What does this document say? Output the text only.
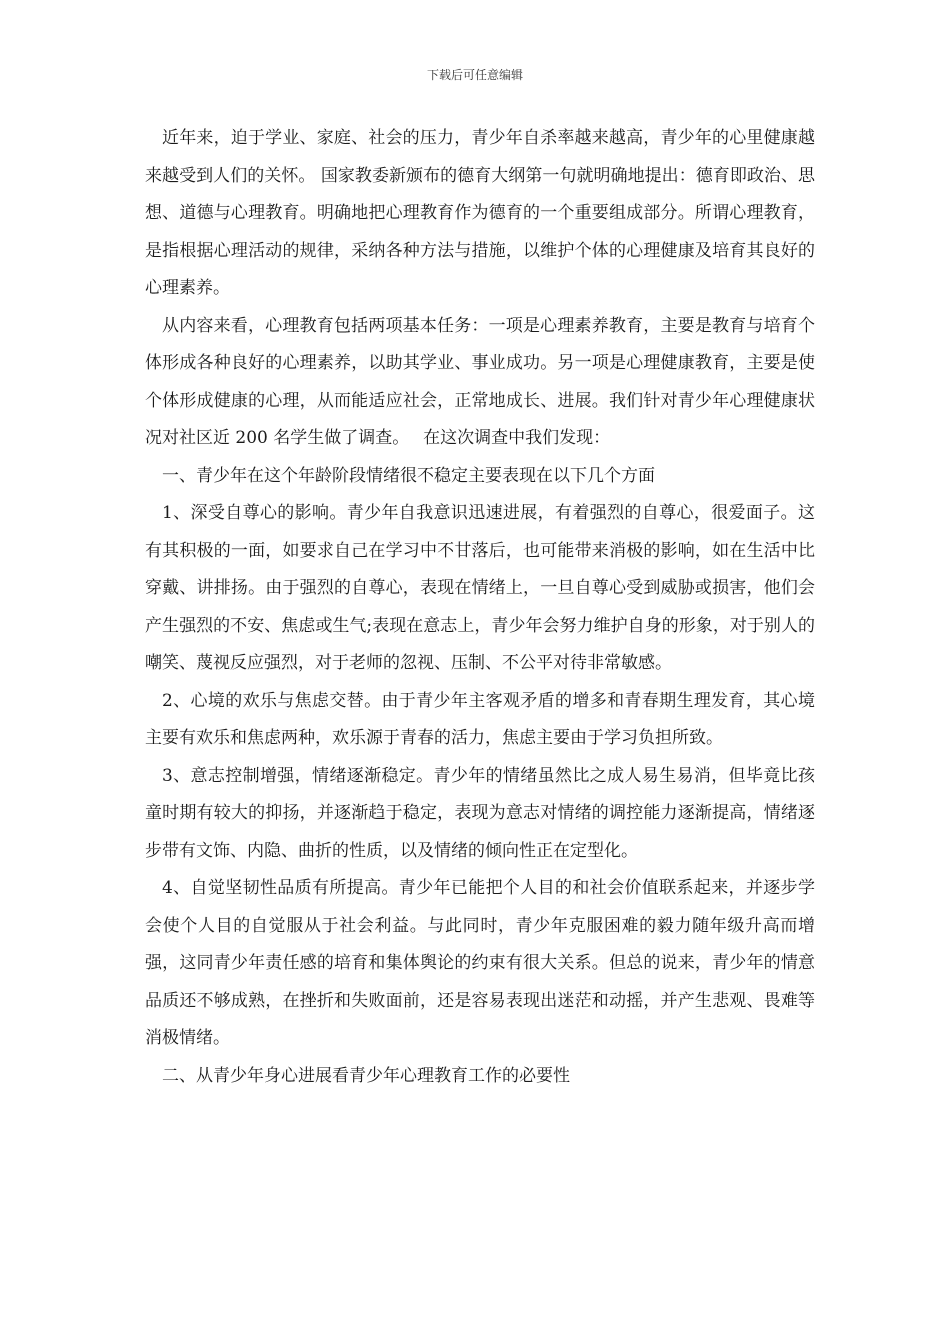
下载后可任意编辑

近年来，迫于学业、家庭、社会的压力，青少年自杀率越来越高，青少年的心里健康越来越受到人们的关怀。 国家教委新颁布的德育大纲第一句就明确地提出：德育即政治、思想、道德与心理教育。明确地把心理教育作为德育的一个重要组成部分。所谓心理教育，是指根据心理活动的规律，采纳各种方法与措施，以维护个体的心理健康及培育其良好的心理素养。

从内容来看，心理教育包括两项基本任务：一项是心理素养教育，主要是教育与培育个体形成各种良好的心理素养，以助其学业、事业成功。另一项是心理健康教育，主要是使个体形成健康的心理，从而能适应社会，正常地成长、进展。我们针对青少年心理健康状况对社区近 200 名学生做了调查。　 在这次调查中我们发现：

一、青少年在这个年龄阶段情绪很不稳定主要表现在以下几个方面

1、深受自尊心的影响。青少年自我意识迅速进展，有着强烈的自尊心，很爱面子。这有其积极的一面，如要求自己在学习中不甘落后，也可能带来消极的影响，如在生活中比穿戴、讲排扬。由于强烈的自尊心，表现在情绪上，一旦自尊心受到威胁或损害，他们会产生强烈的不安、焦虑或生气;表现在意志上，青少年会努力维护自身的形象，对于别人的嘲笑、蔑视反应强烈，对于老师的忽视、压制、不公平对待非常敏感。

2、心境的欢乐与焦虑交替。由于青少年主客观矛盾的增多和青春期生理发育，其心境主要有欢乐和焦虑两种，欢乐源于青春的活力，焦虑主要由于学习负担所致。

3、意志控制增强，情绪逐渐稳定。青少年的情绪虽然比之成人易生易消，但毕竟比孩童时期有较大的抑扬，并逐渐趋于稳定，表现为意志对情绪的调控能力逐渐提高，情绪逐步带有文饰、内隐、曲折的性质，以及情绪的倾向性正在定型化。

4、自觉坚韧性品质有所提高。青少年已能把个人目的和社会价值联系起来，并逐步学会使个人目的自觉服从于社会利益。与此同时，青少年克服困难的毅力随年级升高而增强，这同青少年责任感的培育和集体舆论的约束有很大关系。但总的说来，青少年的情意品质还不够成熟，在挫折和失败面前，还是容易表现出迷茫和动摇，并产生悲观、畏难等消极情绪。

二、从青少年身心进展看青少年心理教育工作的必要性
